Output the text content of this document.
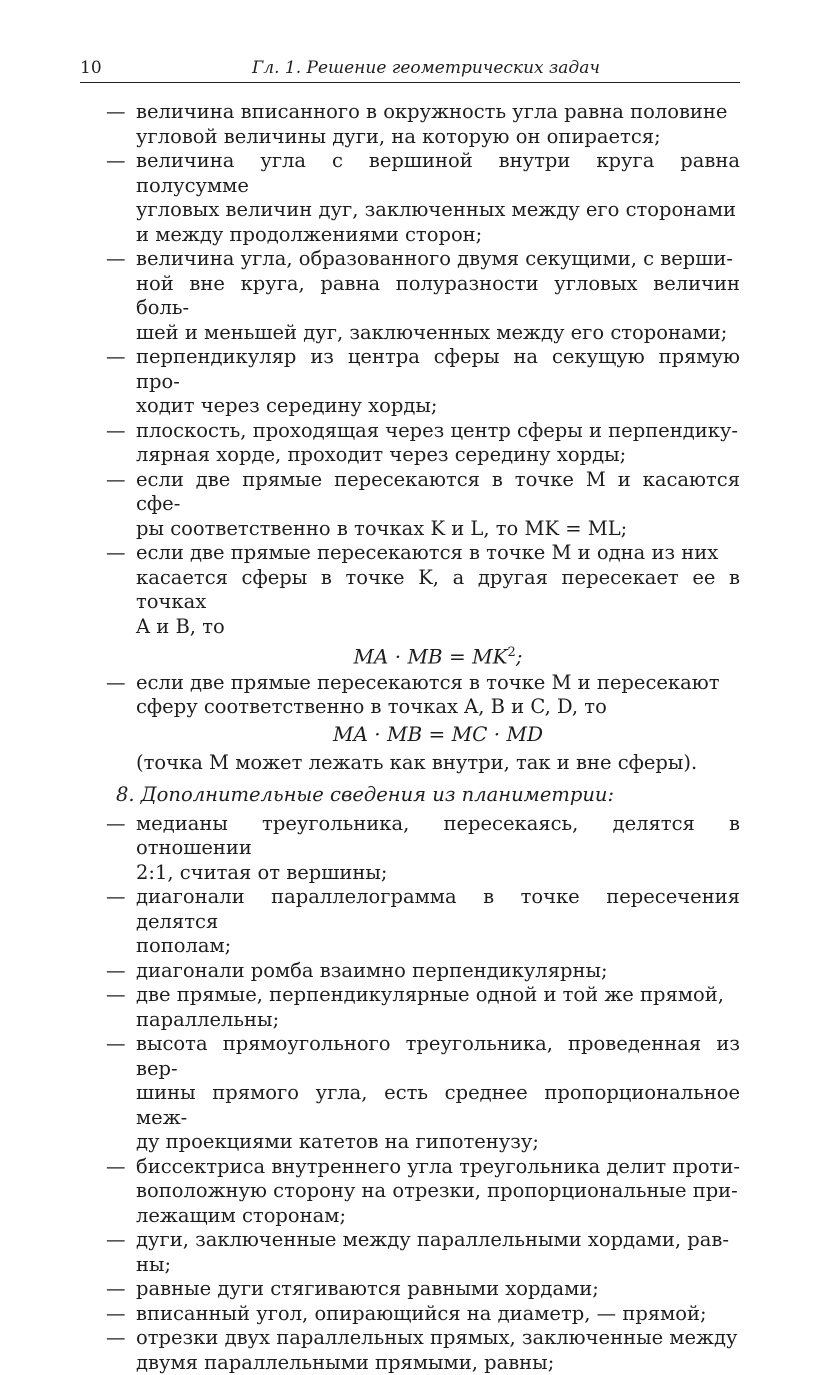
10	Гл. 1. Решение геометрических задач
— величина вписанного в окружность угла равна половине
угловой величины дуги, на которую он опирается;
— величина угла с вершиной внутри круга равна полусумме
угловых величин дуг, заключенных между его сторонами
и между продолжениями сторон;
— величина угла, образованного двумя секущими, с верши-
ной вне круга, равна полуразности угловых величин боль-
шей и меньшей дуг, заключенных между его сторонами;
— перпендикуляр из центра сферы на секущую прямую про-
ходит через середину хорды;
— плоскость, проходящая через центр сферы и перпендику-
лярная хорде, проходит через середину хорды;
— если две прямые пересекаются в точке M и касаются сфе-
ры соответственно в точках K и L, то MK = ML;
— если две прямые пересекаются в точке M и одна из них
касается сферы в точке K, а другая пересекает ее в точках
A и B, то
MA · MB = $MK^2$;
— если две прямые пересекаются в точке M и пересекают
сферу соответственно в точках A, B и C, D, то
MA · MB = MC · MD
(точка M может лежать как внутри, так и вне сферы).
8. Дополнительные сведения из планиметрии:
— медианы треугольника, пересекаясь, делятся в отношении
2:1, считая от вершины;
— диагонали параллелограмма в точке пересечения делятся
пополам;
— диагонали ромба взаимно перпендикулярны;
— две прямые, перпендикулярные одной и той же прямой,
параллельны;
— высота прямоугольного треугольника, проведенная из вер-
шины прямого угла, есть среднее пропорциональное меж-
ду проекциями катетов на гипотенузу;
— биссектриса внутреннего угла треугольника делит проти-
воположную сторону на отрезки, пропорциональные при-
лежащим сторонам;
— дуги, заключенные между параллельными хордами, рав-
ны;
— равные дуги стягиваются равными хордами;
— вписанный угол, опирающийся на диаметр, — прямой;
— отрезки двух параллельных прямых, заключенные между
двумя параллельными прямыми, равны;
